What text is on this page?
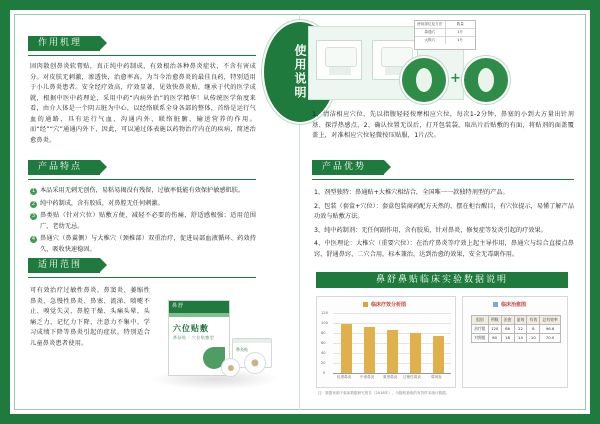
作用机理
固肉散创鼻炎软膏贴，真正纯中药制成，有效根治各种鼻炎症状，不含有害成分。对皮肤无刺激，渗透快，治愈率高。为当今治愈鼻炎的最佳良药，特别适用于小儿鼻炎患者。安全经疗效高，疗效显著，见效快鼻炎贴，继承于代的医学成就，根据中医中药理论，采用中药“内病外治”的医学精华！从传统医学角度来看，由介人体是一个阴五脏为中心，以经络联系全身各部的整体，首络是运行气血的通路，具有运行气血、沟通内外、联络脏腑、输送营养的作用。而“经”“穴”通通内外下，因此，可以通过体表施以药物治疗内在的疾病，简述治愈鼻炎。
产品特点
1 本品采用无刺无创伤，易粘易揭没有残留，过敏率低能有效保护敏感肌肤。
2 纯中药制成，含有胶质，对鼻腔无任何刺激。
3 鼻类贴（针对穴位）贴敷方便，减轻不必要的伤痛，舒适感极强；适用范围广，老幼无忌。
4 鼻通穴（鼻翼侧）与大椎穴（颈椎部）双重治疗，促进局部血液循环、药效持久，吸收快速稳固。
适用范围
可有效治疗过敏性鼻炎、鼻窦炎、萎缩性鼻炎、急慢性鼻炎、鼻塞、流涕、喷嚏不止、嗅觉失灵、鼻腔干燥、头痛头晕、头痛乏力、记忆力下降、注意力不集中、学习成绩下降等鼻炎引起的症状。特别适合儿童鼻炎患者使用。
鼻舒
六位贴敷
鼻舒贴 · 穴位贴敷型
鼻炎贴
使用说明
使用部位及方法	数量
鼻通穴	1片
大椎穴	1片
+
1、清洁相应穴位，先以指腹轻轻按摩相应穴位，每次1-2分钟，鼻塞的小到大方量出针剂基、探浮热感点，2、确认位置无误后，打开包装袋，取出片后贴敷的有面，将贴剂的面盖覆盖上，对准相应穴位轻微按压贴服，1片/次。
产品优势
1、剂型独特：鼻通贴+大椎穴相结合，全国唯一一款独特剂型的产品。
2、包装（套盒+穴位）：套盒包装商药配方天然的，摆在柜台醒目，有穴位提示，易懂了解产品功效与贴敷方法。
3、纯中药制剂：无任何副作用，含有胶质，针对鼻炎，修复症等发炎引起的疗效果。
4、中医理论：大椎穴（重要穴位）：在治疗鼻炎等疗效上起主导作用，鼻通穴与综合直接点鼻窍，舒通鼻窍，二穴合用，标本兼治，达到治愈的效果，安全无毒副作用。
鼻舒鼻贴临床实验数据说明
临床疗效分析图
120
100
80
60
40
20
0
轻度鼻炎 中度鼻炎 重度鼻炎 过敏性鼻炎	鼻窦炎
临床治愈图
组别	例数	治愈	显效	有效	总有效率
治疗组	120	86	22	8	96.6
对照组	60	18	14	10	70.0
注：数据来源于临床数据研究报告（2016年），为随机抽取的有效样本统计数据。
